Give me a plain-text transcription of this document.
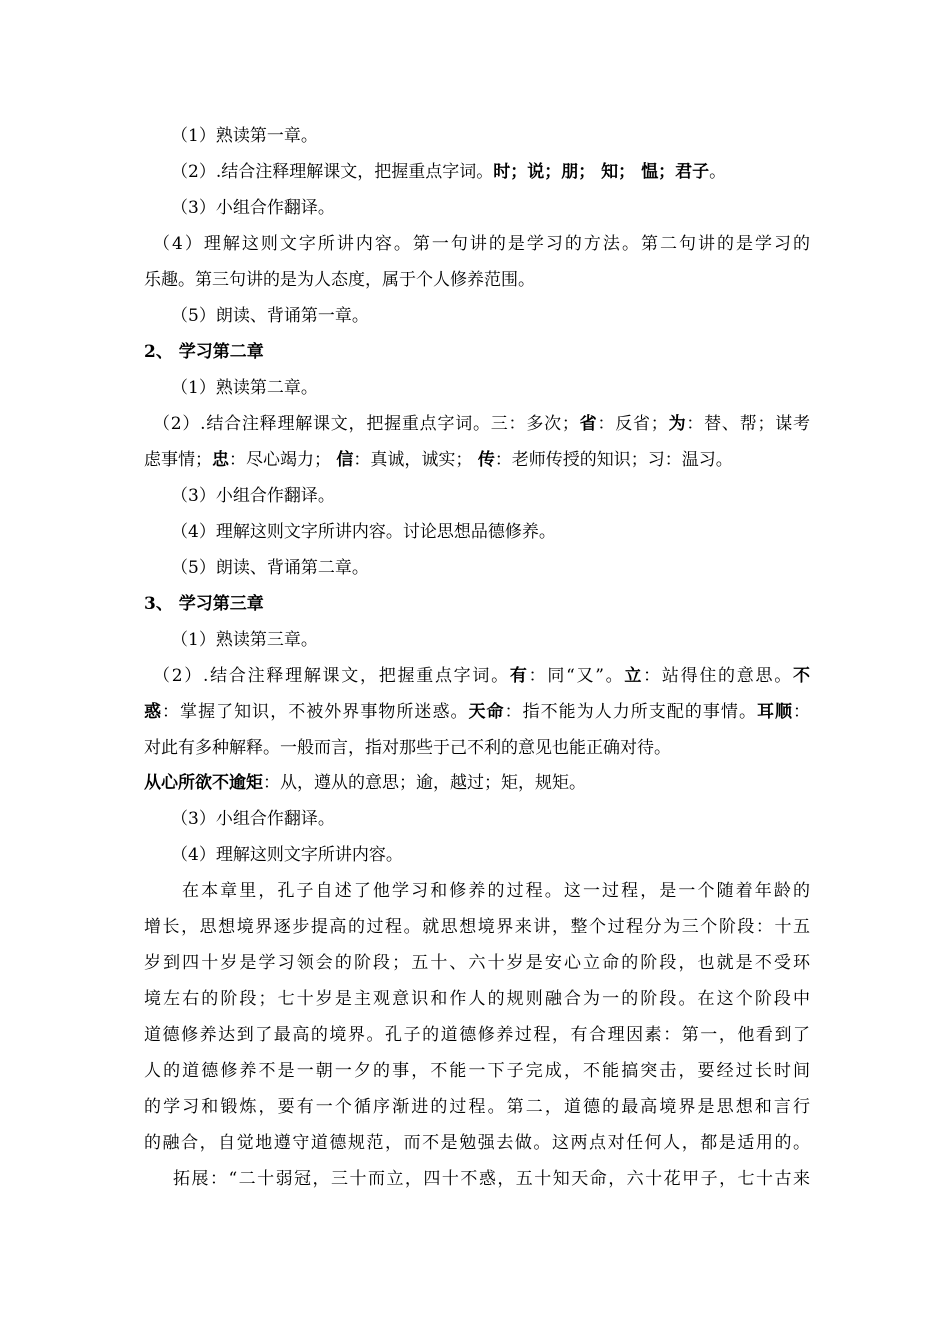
（1）熟读第一章。
（2）.结合注释理解课文，把握重点字词。时；说；朋； 知； 愠；君子。
（3）小组合作翻译。
（4）理解这则文字所讲内容。第一句讲的是学习的方法。第二句讲的是学习的
乐趣。第三句讲的是为人态度，属于个人修养范围。
（5）朗读、背诵第一章。
2、 学习第二章
（1）熟读第二章。
（2）.结合注释理解课文，把握重点字词。三：多次；省：反省；为：替、帮；谋考
虑事情；忠：尽心竭力； 信：真诚，诚实； 传：老师传授的知识；习：温习。
（3）小组合作翻译。
（4）理解这则文字所讲内容。讨论思想品德修养。
（5）朗读、背诵第二章。
3、 学习第三章
（1）熟读第三章。
（2）.结合注释理解课文，把握重点字词。有：同“又”。立：站得住的意思。不
惑：掌握了知识，不被外界事物所迷惑。天命：指不能为人力所支配的事情。耳顺：
对此有多种解释。一般而言，指对那些于己不利的意见也能正确对待。
从心所欲不逾矩：从，遵从的意思；逾，越过；矩，规矩。
（3）小组合作翻译。
（4）理解这则文字所讲内容。
在本章里，孔子自述了他学习和修养的过程。这一过程，是一个随着年龄的
增长，思想境界逐步提高的过程。就思想境界来讲，整个过程分为三个阶段：十五
岁到四十岁是学习领会的阶段；五十、六十岁是安心立命的阶段，也就是不受环
境左右的阶段；七十岁是主观意识和作人的规则融合为一的阶段。在这个阶段中
道德修养达到了最高的境界。孔子的道德修养过程，有合理因素：第一，他看到了
人的道德修养不是一朝一夕的事，不能一下子完成，不能搞突击，要经过长时间
的学习和锻炼，要有一个循序渐进的过程。第二，道德的最高境界是思想和言行
的融合，自觉地遵守道德规范，而不是勉强去做。这两点对任何人，都是适用的。
拓展：“二十弱冠，三十而立，四十不惑，五十知天命，六十花甲子，七十古来
